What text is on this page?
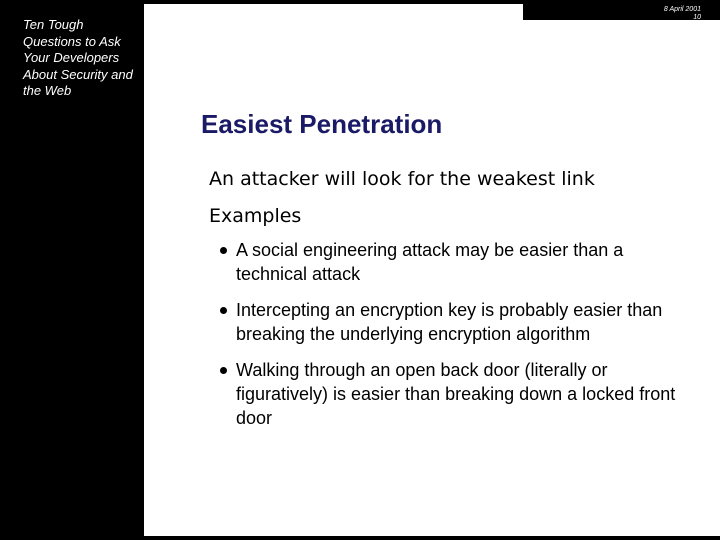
Ten Tough Questions to Ask Your Developers About Security and the Web
8 April 2001
10
Easiest Penetration

An attacker will look for the weakest link

Examples

A social engineering attack may be easier than a technical attack
Intercepting an encryption key is probably easier than breaking the underlying encryption algorithm
Walking through an open back door (literally or figuratively) is easier than breaking down a locked front door
